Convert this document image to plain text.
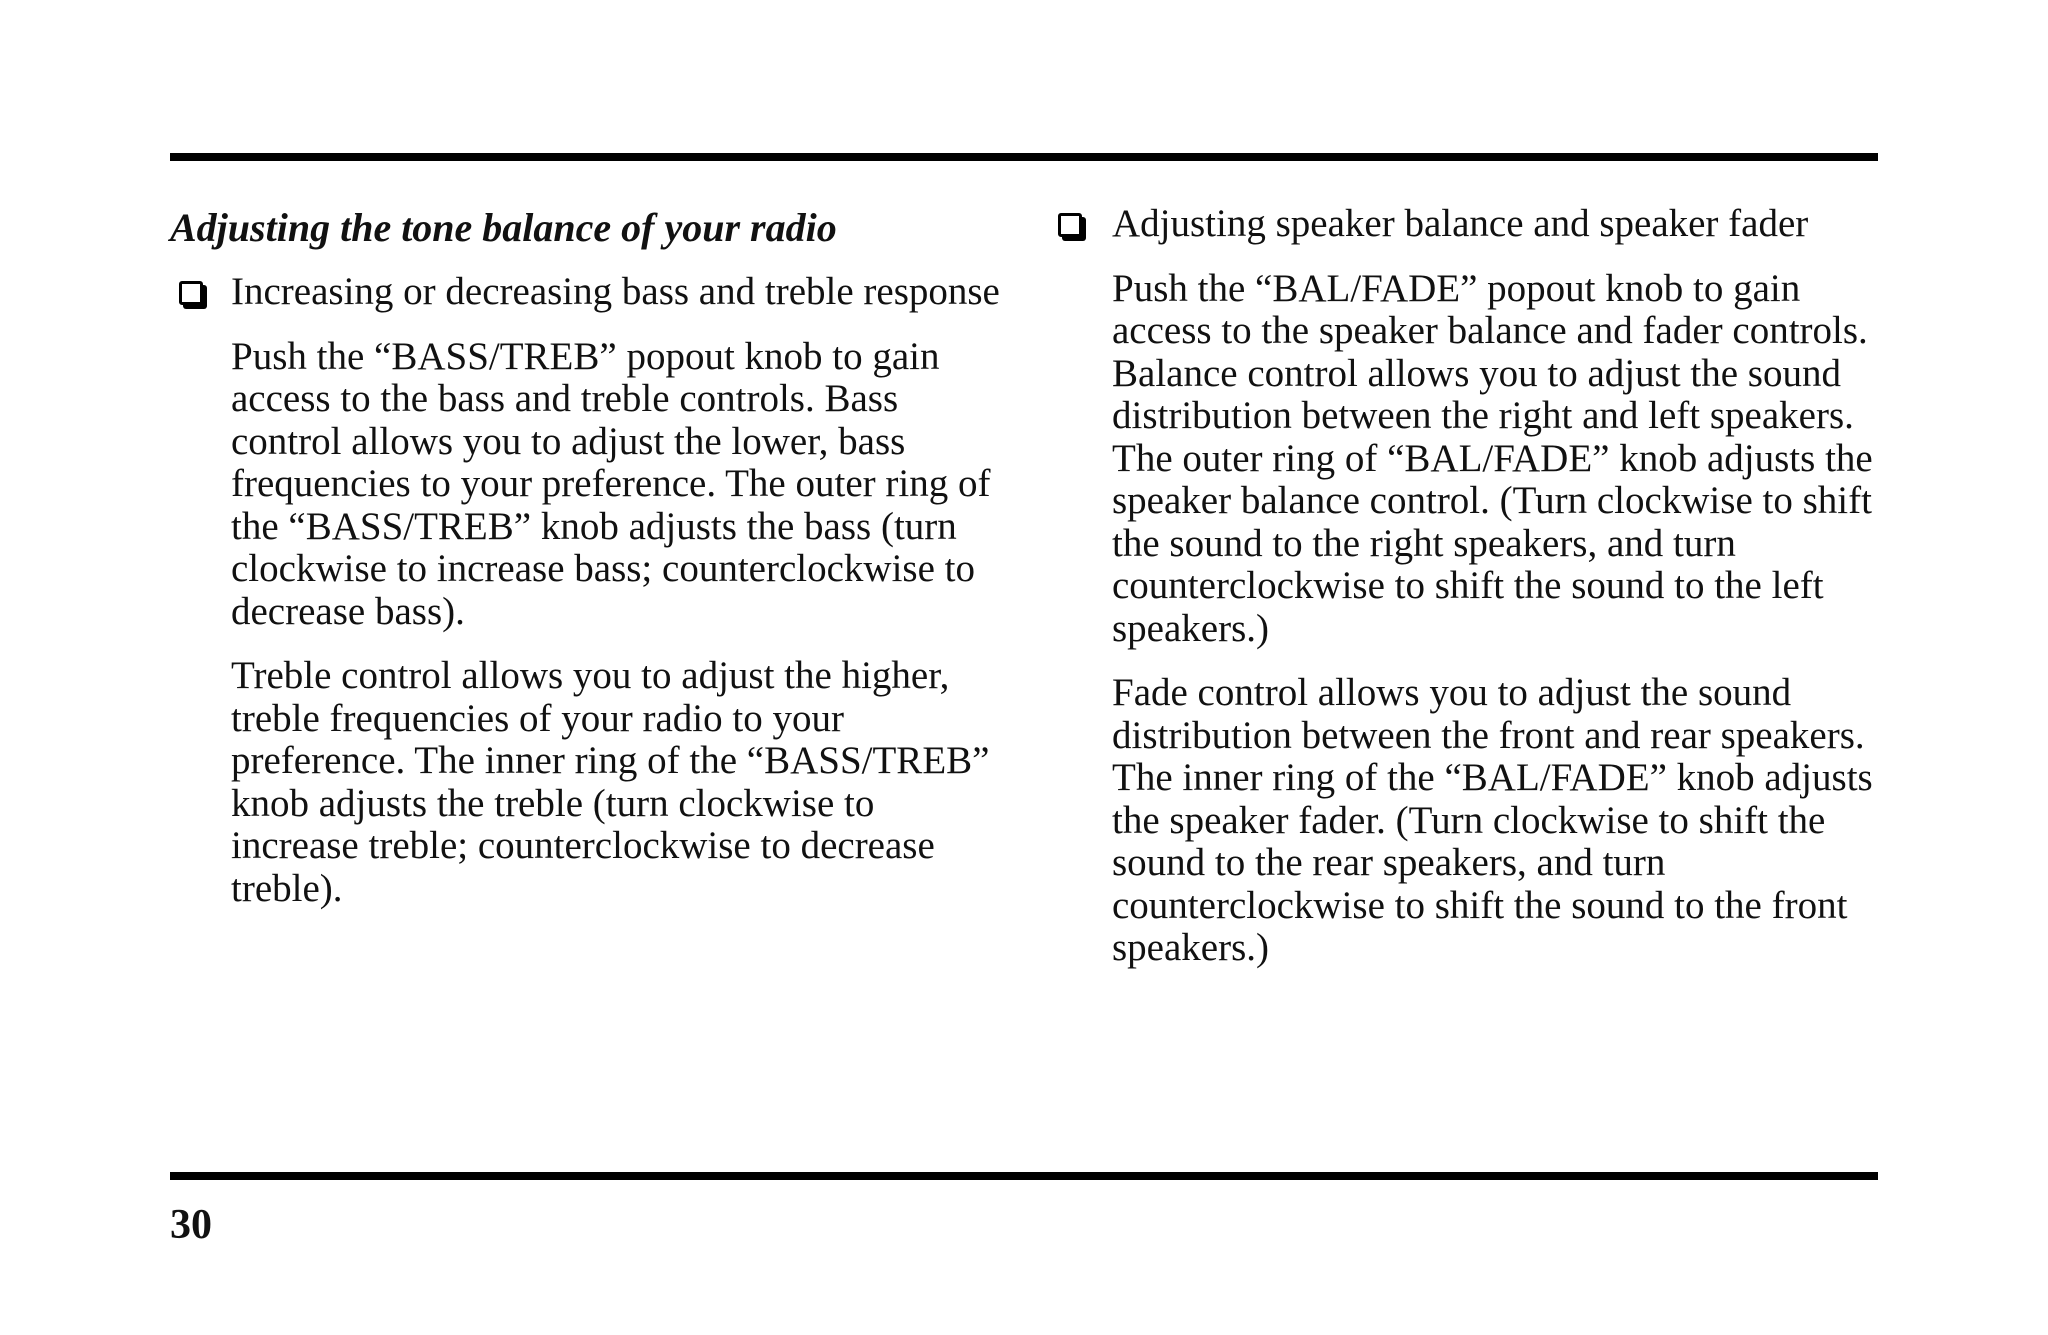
Adjusting the tone balance of your radio
Increasing or decreasing bass and treble response
Push the “BASS/TREB” popout knob to gain access to the bass and treble controls. Bass control allows you to adjust the lower, bass frequencies to your preference. The outer ring of the “BASS/TREB” knob adjusts the bass (turn clockwise to increase bass; counterclockwise to decrease bass).
Treble control allows you to adjust the higher, treble frequencies of your radio to your preference. The inner ring of the “BASS/TREB” knob adjusts the treble (turn clockwise to increase treble; counterclockwise to decrease treble).
Adjusting speaker balance and speaker fader
Push the “BAL/FADE” popout knob to gain access to the speaker balance and fader controls. Balance control allows you to adjust the sound distribution between the right and left speakers. The outer ring of “BAL/FADE” knob adjusts the speaker balance control. (Turn clockwise to shift the sound to the right speakers, and turn counterclockwise to shift the sound to the left speakers.)
Fade control allows you to adjust the sound distribution between the front and rear speakers. The inner ring of the “BAL/FADE” knob adjusts the speaker fader. (Turn clockwise to shift the sound to the rear speakers, and turn counterclockwise to shift the sound to the front speakers.)
30
